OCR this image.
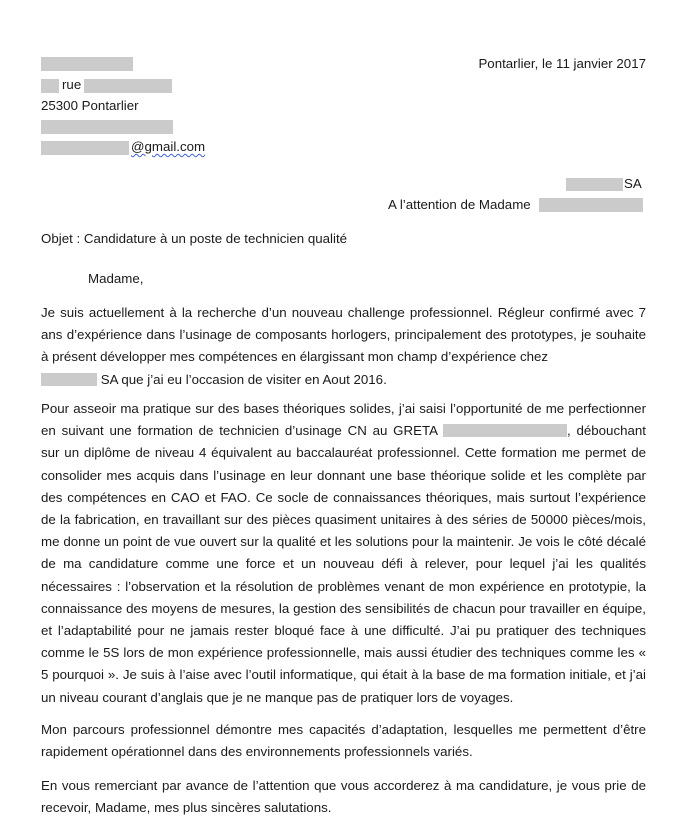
rue
25300 Pontarlier
@gmail.com
Pontarlier, le 11 janvier 2017
SA
A l’attention de Madame
Objet : Candidature à un poste de technicien qualité
Madame,

Je suis actuellement à la recherche d’un nouveau challenge professionnel. Régleur confirmé avec 7 ans d’expérience dans l’usinage de composants horlogers, principalement des prototypes, je souhaite à présent développer mes compétences en élargissant mon champ d’expérience chez
SA que j’ai eu l’occasion de visiter en Aout 2016.

Pour asseoir ma pratique sur des bases théoriques solides, j’ai saisi l’opportunité de me perfectionner en suivant une formation de technicien d’usinage CN au GRETA	, débouchant sur un diplôme de niveau 4 équivalent au baccalauréat professionnel. Cette formation me permet de consolider mes acquis dans l’usinage en leur donnant une base théorique solide et les complète par des compétences en CAO et FAO. Ce socle de connaissances théoriques, mais surtout l’expérience de la fabrication, en travaillant sur des pièces quasiment unitaires à des séries de 50000 pièces/mois, me donne un point de vue ouvert sur la qualité et les solutions pour la maintenir. Je vois le côté décalé de ma candidature comme une force et un nouveau défi à relever, pour lequel j’ai les qualités nécessaires : l’observation et la résolution de problèmes venant de mon expérience en prototypie, la connaissance des moyens de mesures, la gestion des sensibilités de chacun pour travailler en équipe, et l’adaptabilité pour ne jamais rester bloqué face à une difficulté. J’ai pu pratiquer des techniques comme le 5S lors de mon expérience professionnelle, mais aussi étudier des techniques comme les « 5 pourquoi ». Je suis à l’aise avec l’outil informatique, qui était à la base de ma formation initiale, et j’ai un niveau courant d’anglais que je ne manque pas de pratiquer lors de voyages.

Mon parcours professionnel démontre mes capacités d’adaptation, lesquelles me permettent d’être rapidement opérationnel dans des environnements professionnels variés.

En vous remerciant par avance de l’attention que vous accorderez à ma candidature, je vous prie de recevoir, Madame, mes plus sincères salutations.
